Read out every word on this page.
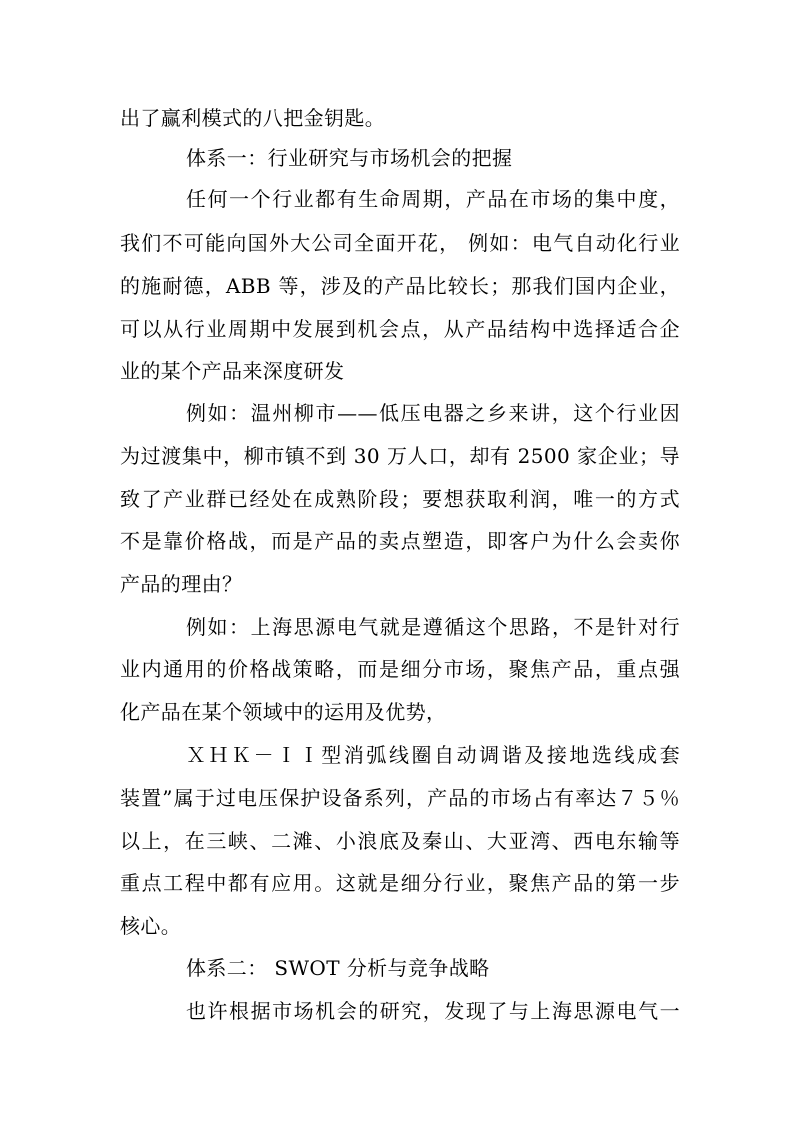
出了赢利模式的八把金钥匙。
体系一：行业研究与市场机会的把握
任何一个行业都有生命周期，产品在市场的集中度，
我们不可能向国外大公司全面开花， 例如：电气自动化行业
的施耐德，ABB 等，涉及的产品比较长；那我们国内企业，
可以从行业周期中发展到机会点，从产品结构中选择适合企
业的某个产品来深度研发
例如：温州柳市——低压电器之乡来讲，这个行业因
为过渡集中，柳市镇不到 30 万人口，却有 2500 家企业；导
致了产业群已经处在成熟阶段；要想获取利润，唯一的方式
不是靠价格战，而是产品的卖点塑造，即客户为什么会卖你
产品的理由？
例如：上海思源电气就是遵循这个思路，不是针对行
业内通用的价格战策略，而是细分市场，聚焦产品，重点强
化产品在某个领域中的运用及优势，
ＸＨＫ－ＩＩ型消弧线圈自动调谐及接地选线成套
装置”属于过电压保护设备系列，产品的市场占有率达７５％
以上，在三峡、二滩、小浪底及秦山、大亚湾、西电东输等
重点工程中都有应用。这就是细分行业，聚焦产品的第一步
核心。
体系二： SWOT 分析与竞争战略
也许根据市场机会的研究，发现了与上海思源电气一
